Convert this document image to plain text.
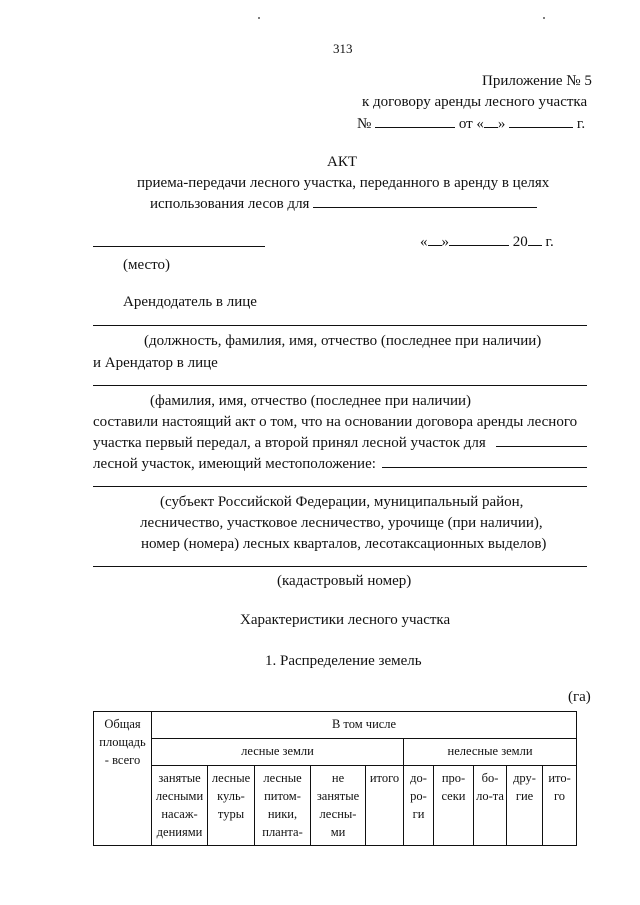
313
Приложение № 5
к договору аренды лесного участка
№	от « »	г.
АКТ
приема-передачи лесного участка, переданного в аренду в целях
использования лесов для
« »	20 г.
(место)
Арендодатель в лице
(должность, фамилия, имя, отчество (последнее при наличии)
и Арендатор в лице
(фамилия, имя, отчество (последнее при наличии)
составили настоящий акт о том, что на основании договора аренды лесного
участка первый передал, а второй принял лесной участок для
лесной участок, имеющий местоположение:
(субъект Российской Федерации, муниципальный район,
лесничество, участковое лесничество, урочище (при наличии),
номер (номера) лесных кварталов, лесотаксационных выделов)
(кадастровый номер)
Характеристики лесного участка
1. Распределение земель
(га)
Общая площадь - всего	В том числе									
	лесные земли					нелесные земли				
	занятые лесными насаж-дениями	лесные куль-туры	лесные питом-ники, планта-	не занятые лесны-ми	итого	до-ро-ги	про-секи	бо-ло-та	дру-гие	ито-го
